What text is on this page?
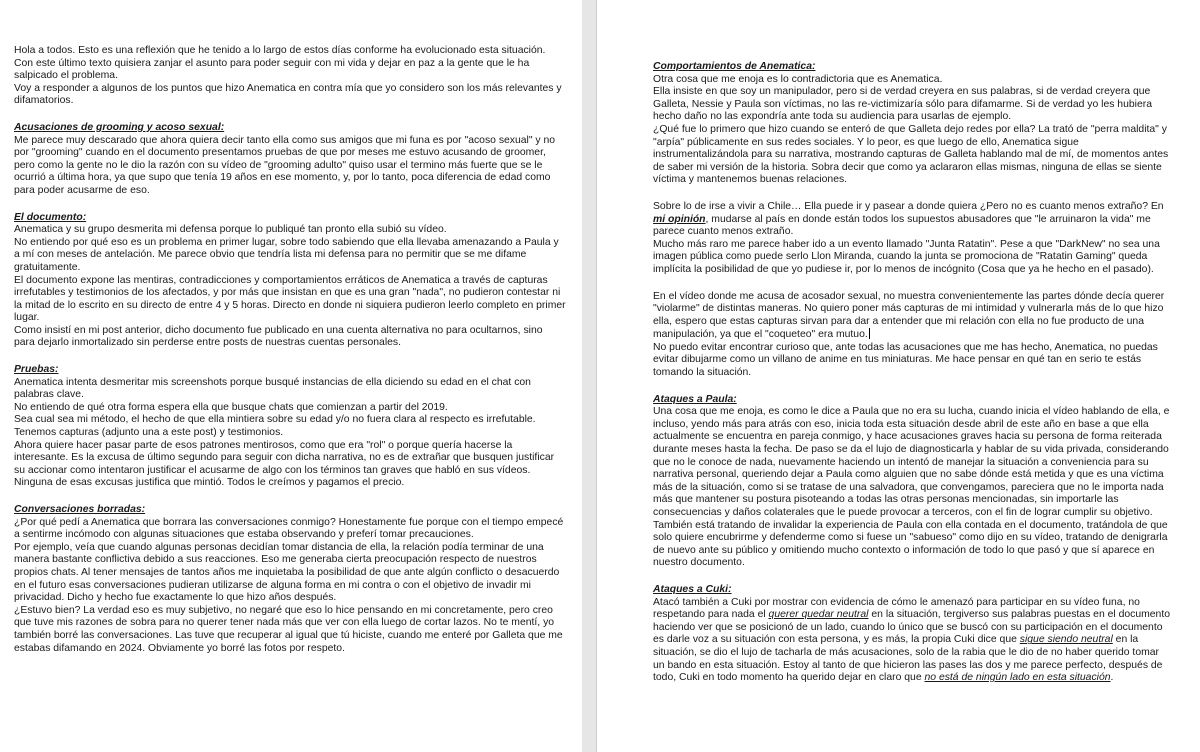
Hola a todos. Esto es una reflexión que he tenido a lo largo de estos días conforme ha evolucionado esta situación.

Con este último texto quisiera zanjar el asunto para poder seguir con mi vida y dejar en paz a la gente que le ha salpicado el problema.

Voy a responder a algunos de los puntos que hizo Anematica en contra mía que yo considero son los más relevantes y difamatorios.

Acusaciones de grooming y acoso sexual:

Me parece muy descarado que ahora quiera decir tanto ella como sus amigos que mi funa es por "acoso sexual" y no por "grooming" cuando en el documento presentamos pruebas de que por meses me estuvo acusando de groomer, pero como la gente no le dio la razón con su vídeo de "grooming adulto" quiso usar el termino más fuerte que se le ocurrió a última hora, ya que supo que tenía 19 años en ese momento, y, por lo tanto, poca diferencia de edad como para poder acusarme de eso.

El documento:

Anematica y su grupo desmerita mi defensa porque lo publiqué tan pronto ella subió su vídeo.

No entiendo por qué eso es un problema en primer lugar, sobre todo sabiendo que ella llevaba amenazando a Paula y a mí con meses de antelación. Me parece obvio que tendría lista mi defensa para no permitir que se me difame gratuitamente.

El documento expone las mentiras, contradicciones y comportamientos erráticos de Anematica a través de capturas irrefutables y testimonios de los afectados, y por más que insistan en que es una gran "nada", no pudieron contestar ni la mitad de lo escrito en su directo de entre 4 y 5 horas. Directo en donde ni siquiera pudieron leerlo completo en primer lugar.

Como insistí en mi post anterior, dicho documento fue publicado en una cuenta alternativa no para ocultarnos, sino para dejarlo inmortalizado sin perderse entre posts de nuestras cuentas personales.

Pruebas:

Anematica intenta desmeritar mis screenshots porque busqué instancias de ella diciendo su edad en el chat con palabras clave.

No entiendo de qué otra forma espera ella que busque chats que comienzan a partir del 2019.

Sea cual sea mi método, el hecho de que ella mintiera sobre su edad y/o no fuera clara al respecto es irrefutable. Tenemos capturas (adjunto una a este post) y testimonios.

Ahora quiere hacer pasar parte de esos patrones mentirosos, como que era "rol" o porque quería hacerse la interesante. Es la excusa de último segundo para seguir con dicha narrativa, no es de extrañar que busquen justificar su accionar como intentaron justificar el acusarme de algo con los términos tan graves que habló en sus vídeos.

Ninguna de esas excusas justifica que mintió. Todos le creímos y pagamos el precio.

Conversaciones borradas:

¿Por qué pedí a Anematica que borrara las conversaciones conmigo? Honestamente fue porque con el tiempo empecé a sentirme incómodo con algunas situaciones que estaba observando y preferí tomar precauciones.

Por ejemplo, veía que cuando algunas personas decidían tomar distancia de ella, la relación podía terminar de una manera bastante conflictiva debido a sus reacciones. Eso me generaba cierta preocupación respecto de nuestros propios chats. Al tener mensajes de tantos años me inquietaba la posibilidad de que ante algún conflicto o desacuerdo en el futuro esas conversaciones pudieran utilizarse de alguna forma en mi contra o con el objetivo de invadir mi privacidad. Dicho y hecho fue exactamente lo que hizo años después.

¿Estuvo bien? La verdad eso es muy subjetivo, no negaré que eso lo hice pensando en mi concretamente, pero creo que tuve mis razones de sobra para no querer tener nada más que ver con ella luego de cortar lazos. No te mentí, yo también borré las conversaciones. Las tuve que recuperar al igual que tú hiciste, cuando me enteré por Galleta que me estabas difamando en 2024. Obviamente yo borré las fotos por respeto.

Comportamientos de Anematica:

Otra cosa que me enoja es lo contradictoria que es Anematica.

Ella insiste en que soy un manipulador, pero si de verdad creyera en sus palabras, si de verdad creyera que Galleta, Nessie y Paula son víctimas, no las re-victimizaría sólo para difamarme. Si de verdad yo les hubiera hecho daño no las expondría ante toda su audiencia para usarlas de ejemplo.

¿Qué fue lo primero que hizo cuando se enteró de que Galleta dejo redes por ella? La trató de "perra maldita" y "arpía" públicamente en sus redes sociales. Y lo peor, es que luego de ello, Anematica sigue instrumentalizándola para su narrativa, mostrando capturas de Galleta hablando mal de mí, de momentos antes de saber mi versión de la historia. Sobra decir que como ya aclararon ellas mismas, ninguna de ellas se siente víctima y mantenemos buenas relaciones.

Sobre lo de irse a vivir a Chile… Ella puede ir y pasear a donde quiera ¿Pero no es cuanto menos extraño? En mi opinión, mudarse al país en donde están todos los supuestos abusadores que "le arruinaron la vida" me parece cuanto menos extraño.

Mucho más raro me parece haber ido a un evento llamado "Junta Ratatin". Pese a que "DarkNew" no sea una imagen pública como puede serlo Llon Miranda, cuando la junta se promociona de "Ratatin Gaming" queda implícita la posibilidad de que yo pudiese ir, por lo menos de incógnito (Cosa que ya he hecho en el pasado).

En el vídeo donde me acusa de acosador sexual, no muestra convenientemente las partes dónde decía querer "violarme" de distintas maneras. No quiero poner más capturas de mi intimidad y vulnerarla más de lo que hizo ella, espero que estas capturas sirvan para dar a entender que mi relación con ella no fue producto de una manipulación, ya que el "coqueteo" era mutuo.

No puedo evitar encontrar curioso que, ante todas las acusaciones que me has hecho, Anematica, no puedas evitar dibujarme como un villano de anime en tus miniaturas. Me hace pensar en qué tan en serio te estás tomando la situación.

Ataques a Paula:

Una cosa que me enoja, es como le dice a Paula que no era su lucha, cuando inicia el vídeo hablando de ella, e incluso, yendo más para atrás con eso, inicia toda esta situación desde abril de este año en base a que ella actualmente se encuentra en pareja conmigo, y hace acusaciones graves hacia su persona de forma reiterada durante meses hasta la fecha. De paso se da el lujo de diagnosticarla y hablar de su vida privada, considerando que no le conoce de nada, nuevamente haciendo un intentó de manejar la situación a conveniencia para su narrativa personal, queriendo dejar a Paula como alguien que no sabe dónde está metida y que es una víctima más de la situación, como si se tratase de una salvadora, que convengamos, pareciera que no le importa nada más que mantener su postura pisoteando a todas las otras personas mencionadas, sin importarle las consecuencias y daños colaterales que le puede provocar a terceros, con el fin de lograr cumplir su objetivo.

También está tratando de invalidar la experiencia de Paula con ella contada en el documento, tratándola de que solo quiere encubrirme y defenderme como si fuese un "sabueso" como dijo en su vídeo, tratando de denigrarla de nuevo ante su público y omitiendo mucho contexto o información de todo lo que pasó y que sí aparece en nuestro documento.

Ataques a Cuki:

Atacó también a Cuki por mostrar con evidencia de cómo le amenazó para participar en su vídeo funa, no respetando para nada el querer quedar neutral en la situación, tergiverso sus palabras puestas en el documento haciendo ver que se posicionó de un lado, cuando lo único que se buscó con su participación en el documento es darle voz a su situación con esta persona, y es más, la propia Cuki dice que sigue siendo neutral en la situación, se dio el lujo de tacharla de más acusaciones, solo de la rabia que le dio de no haber querido tomar un bando en esta situación. Estoy al tanto de que hicieron las pases las dos y me parece perfecto, después de todo, Cuki en todo momento ha querido dejar en claro que no está de ningún lado en esta situación.
